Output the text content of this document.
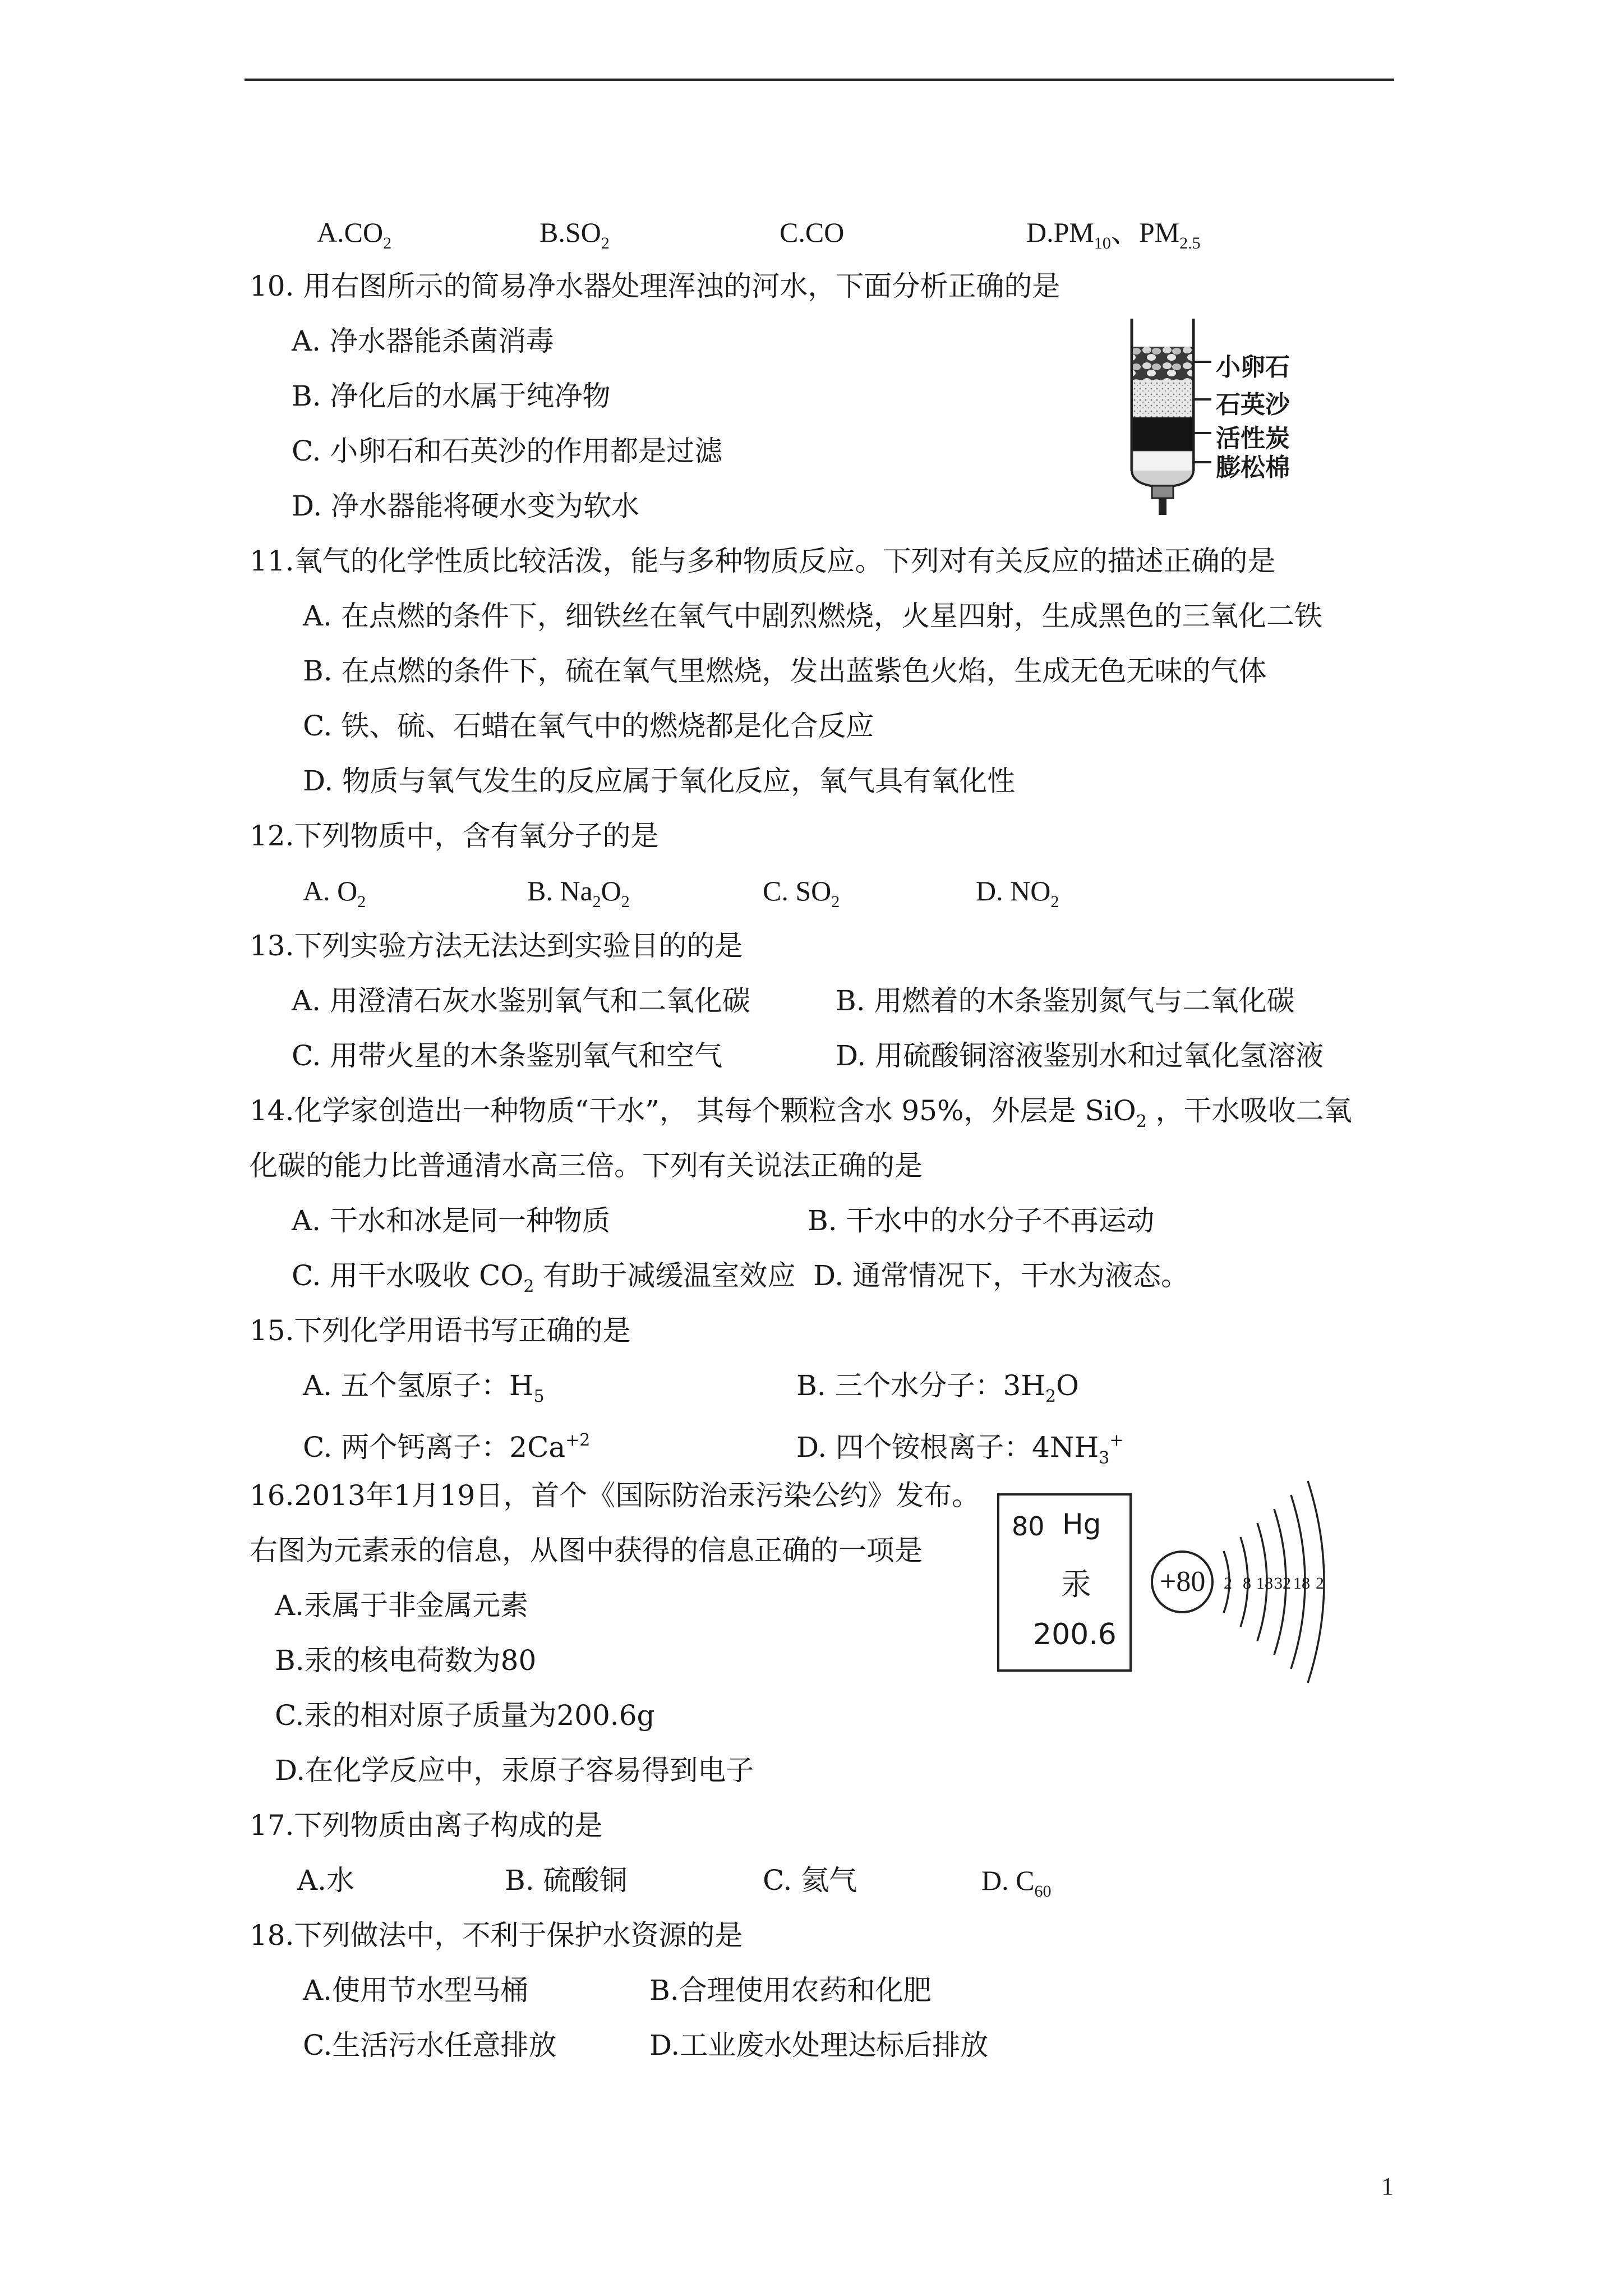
$A.CO_2$	$B.SO_2$	C.CO	$D.PM_{10}$、$PM_{2.5}$
10. 用右图所示的简易净水器处理浑浊的河水，下面分析正确的是
A. 净水器能杀菌消毒
B. 净化后的水属于纯净物
C. 小卵石和石英沙的作用都是过滤
D. 净水器能将硬水变为软水
小卵石
石英沙
活性炭
膨松棉
11.氧气的化学性质比较活泼，能与多种物质反应。下列对有关反应的描述正确的是
A. 在点燃的条件下，细铁丝在氧气中剧烈燃烧，火星四射，生成黑色的三氧化二铁
B. 在点燃的条件下，硫在氧气里燃烧，发出蓝紫色火焰，生成无色无味的气体
C. 铁、硫、石蜡在氧气中的燃烧都是化合反应
D. 物质与氧气发生的反应属于氧化反应，氧气具有氧化性
12.下列物质中，含有氧分子的是
A. $O_2$	B. $Na_2O_2$	C. $SO_2$	D. $NO_2$
13.下列实验方法无法达到实验目的的是
A. 用澄清石灰水鉴别氧气和二氧化碳	B. 用燃着的木条鉴别氮气与二氧化碳
C. 用带火星的木条鉴别氧气和空气	D. 用硫酸铜溶液鉴别水和过氧化氢溶液
14.化学家创造出一种物质“干水”， 其每个颗粒含水 95%，外层是 SiO$_2$ ，干水吸收二氧
化碳的能力比普通清水高三倍。下列有关说法正确的是
A. 干水和冰是同一种物质	B. 干水中的水分子不再运动
C. 用干水吸收 $CO_2$ 有助于减缓温室效应 D. 通常情况下，干水为液态。
15.下列化学用语书写正确的是
A. 五个氢原子：$H_5$	B. 三个水分子：$3H_2O$
C. 两个钙离子：$2Ca^{+2}$	D. 四个铵根离子：$4NH_3^+$
16.2013年1月19日，首个《国际防治汞污染公约》发布。
右图为元素汞的信息，从图中获得的信息正确的一项是
A.汞属于非金属元素
B.汞的核电荷数为80
C.汞的相对原子质量为200.6g
D.在化学反应中，汞原子容易得到电子
80 Hg
汞
200.6
+80 2 8 18 32 18 2
17.下列物质由离子构成的是
A.水	B. 硫酸铜	C. 氦气	D. $C_{60}$
18.下列做法中，不利于保护水资源的是
A.使用节水型马桶	B.合理使用农药和化肥
C.生活污水任意排放	D.工业废水处理达标后排放
1
